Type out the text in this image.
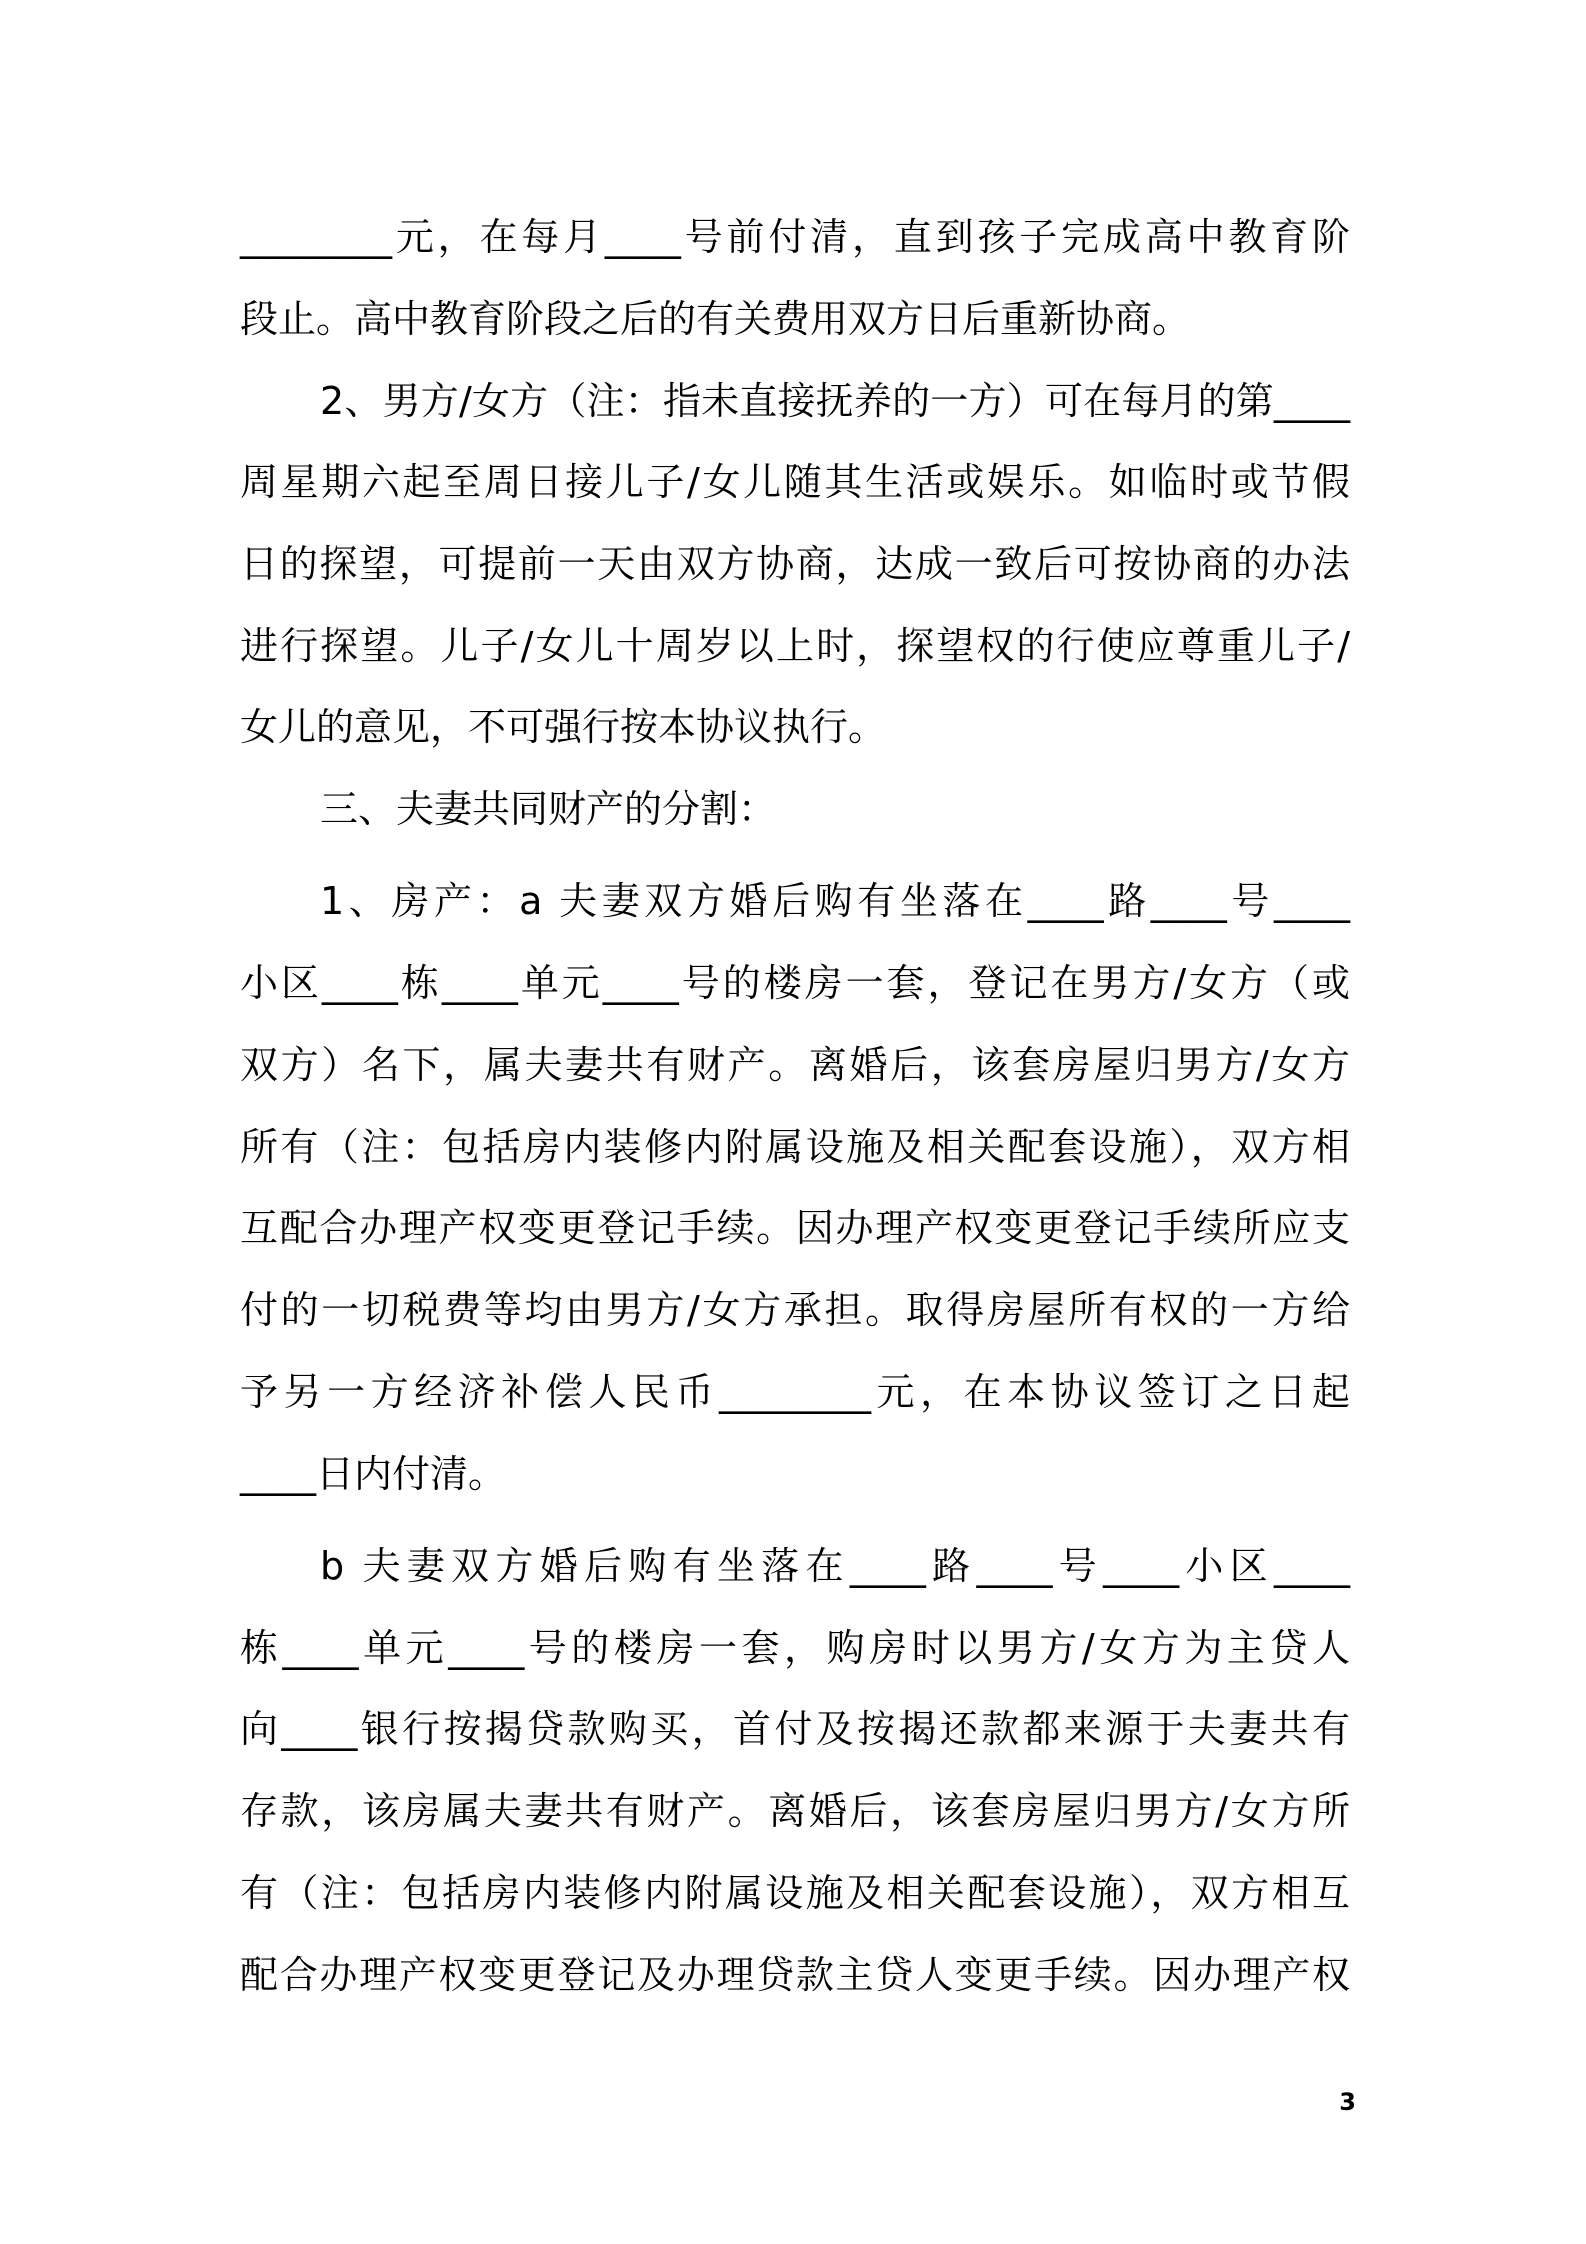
________元，在每月____号前付清，直到孩子完成高中教育阶
段止。高中教育阶段之后的有关费用双方日后重新协商。
2、男方/女方（注：指未直接抚养的一方）可在每月的第____
周星期六起至周日接儿子/女儿随其生活或娱乐。如临时或节假
日的探望，可提前一天由双方协商，达成一致后可按协商的办法
进行探望。儿子/女儿十周岁以上时，探望权的行使应尊重儿子/
女儿的意见，不可强行按本协议执行。
三、夫妻共同财产的分割：
1、房产：a 夫妻双方婚后购有坐落在____路____号____
小区____栋____单元____号的楼房一套，登记在男方/女方（或
双方）名下，属夫妻共有财产。离婚后，该套房屋归男方/女方
所有（注：包括房内装修内附属设施及相关配套设施），双方相
互配合办理产权变更登记手续。因办理产权变更登记手续所应支
付的一切税费等均由男方/女方承担。取得房屋所有权的一方给
予另一方经济补偿人民币________元，在本协议签订之日起
____日内付清。
b 夫妻双方婚后购有坐落在____路____号____小区____
栋____单元____号的楼房一套，购房时以男方/女方为主贷人
向____银行按揭贷款购买，首付及按揭还款都来源于夫妻共有
存款，该房属夫妻共有财产。离婚后，该套房屋归男方/女方所
有（注：包括房内装修内附属设施及相关配套设施），双方相互
配合办理产权变更登记及办理贷款主贷人变更手续。因办理产权
3
